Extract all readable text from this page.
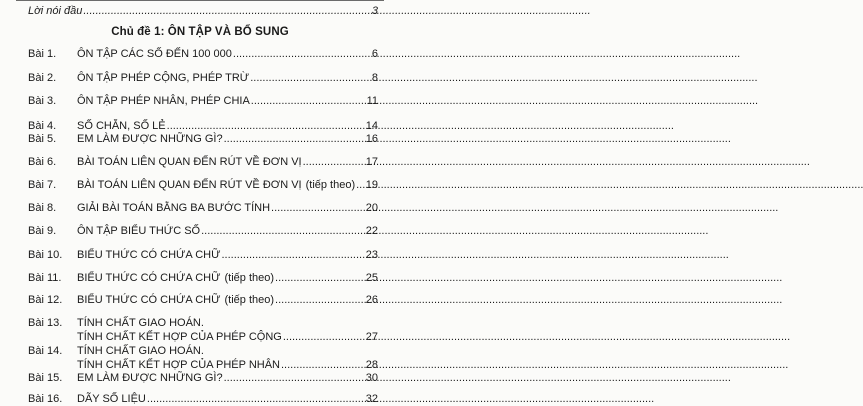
Lời nói đầu .....	3
Chủ đề 1: ÔN TẬP VÀ BỔ SUNG
Bài 1.	ÔN TẬP CÁC SỐ ĐẾN 100 000 .....	6
Bài 2.	ÔN TẬP PHÉP CỘNG, PHÉP TRỪ .....	8
Bài 3.	ÔN TẬP PHÉP NHÂN, PHÉP CHIA .....	11
Bài 4.	SỐ CHẴN, SỐ LẺ .....	14
Bài 5.	EM LÀM ĐƯỢC NHỮNG GÌ? .....	16
Bài 6.	BÀI TOÁN LIÊN QUAN ĐẾN RÚT VỀ ĐƠN VỊ .....	17
Bài 7.	BÀI TOÁN LIÊN QUAN ĐẾN RÚT VỀ ĐƠN VỊ (tiếp theo) ..... 19
Bài 8.	GIẢI BÀI TOÁN BẰNG BA BƯỚC TÍNH .....	20
Bài 9.	ÔN TẬP BIỂU THỨC SỐ .....	22
Bài 10.	BIỂU THỨC CÓ CHỨA CHỮ .....	23
Bài 11.	BIỂU THỨC CÓ CHỨA CHỮ (tiếp theo) .....	25
Bài 12.	BIỂU THỨC CÓ CHỨA CHỮ (tiếp theo) .....	26
Bài 13.	TÍNH CHẤT GIAO HOÁN.
TÍNH CHẤT KẾT HỢP CỦA PHÉP CỘNG .....	27
Bài 14.	TÍNH CHẤT GIAO HOÁN.
TÍNH CHẤT KẾT HỢP CỦA PHÉP NHÂN .....	28
Bài 15.	EM LÀM ĐƯỢC NHỮNG GÌ? .....	30
Bài 16.	DÃY SỐ LIỆU .....	32
